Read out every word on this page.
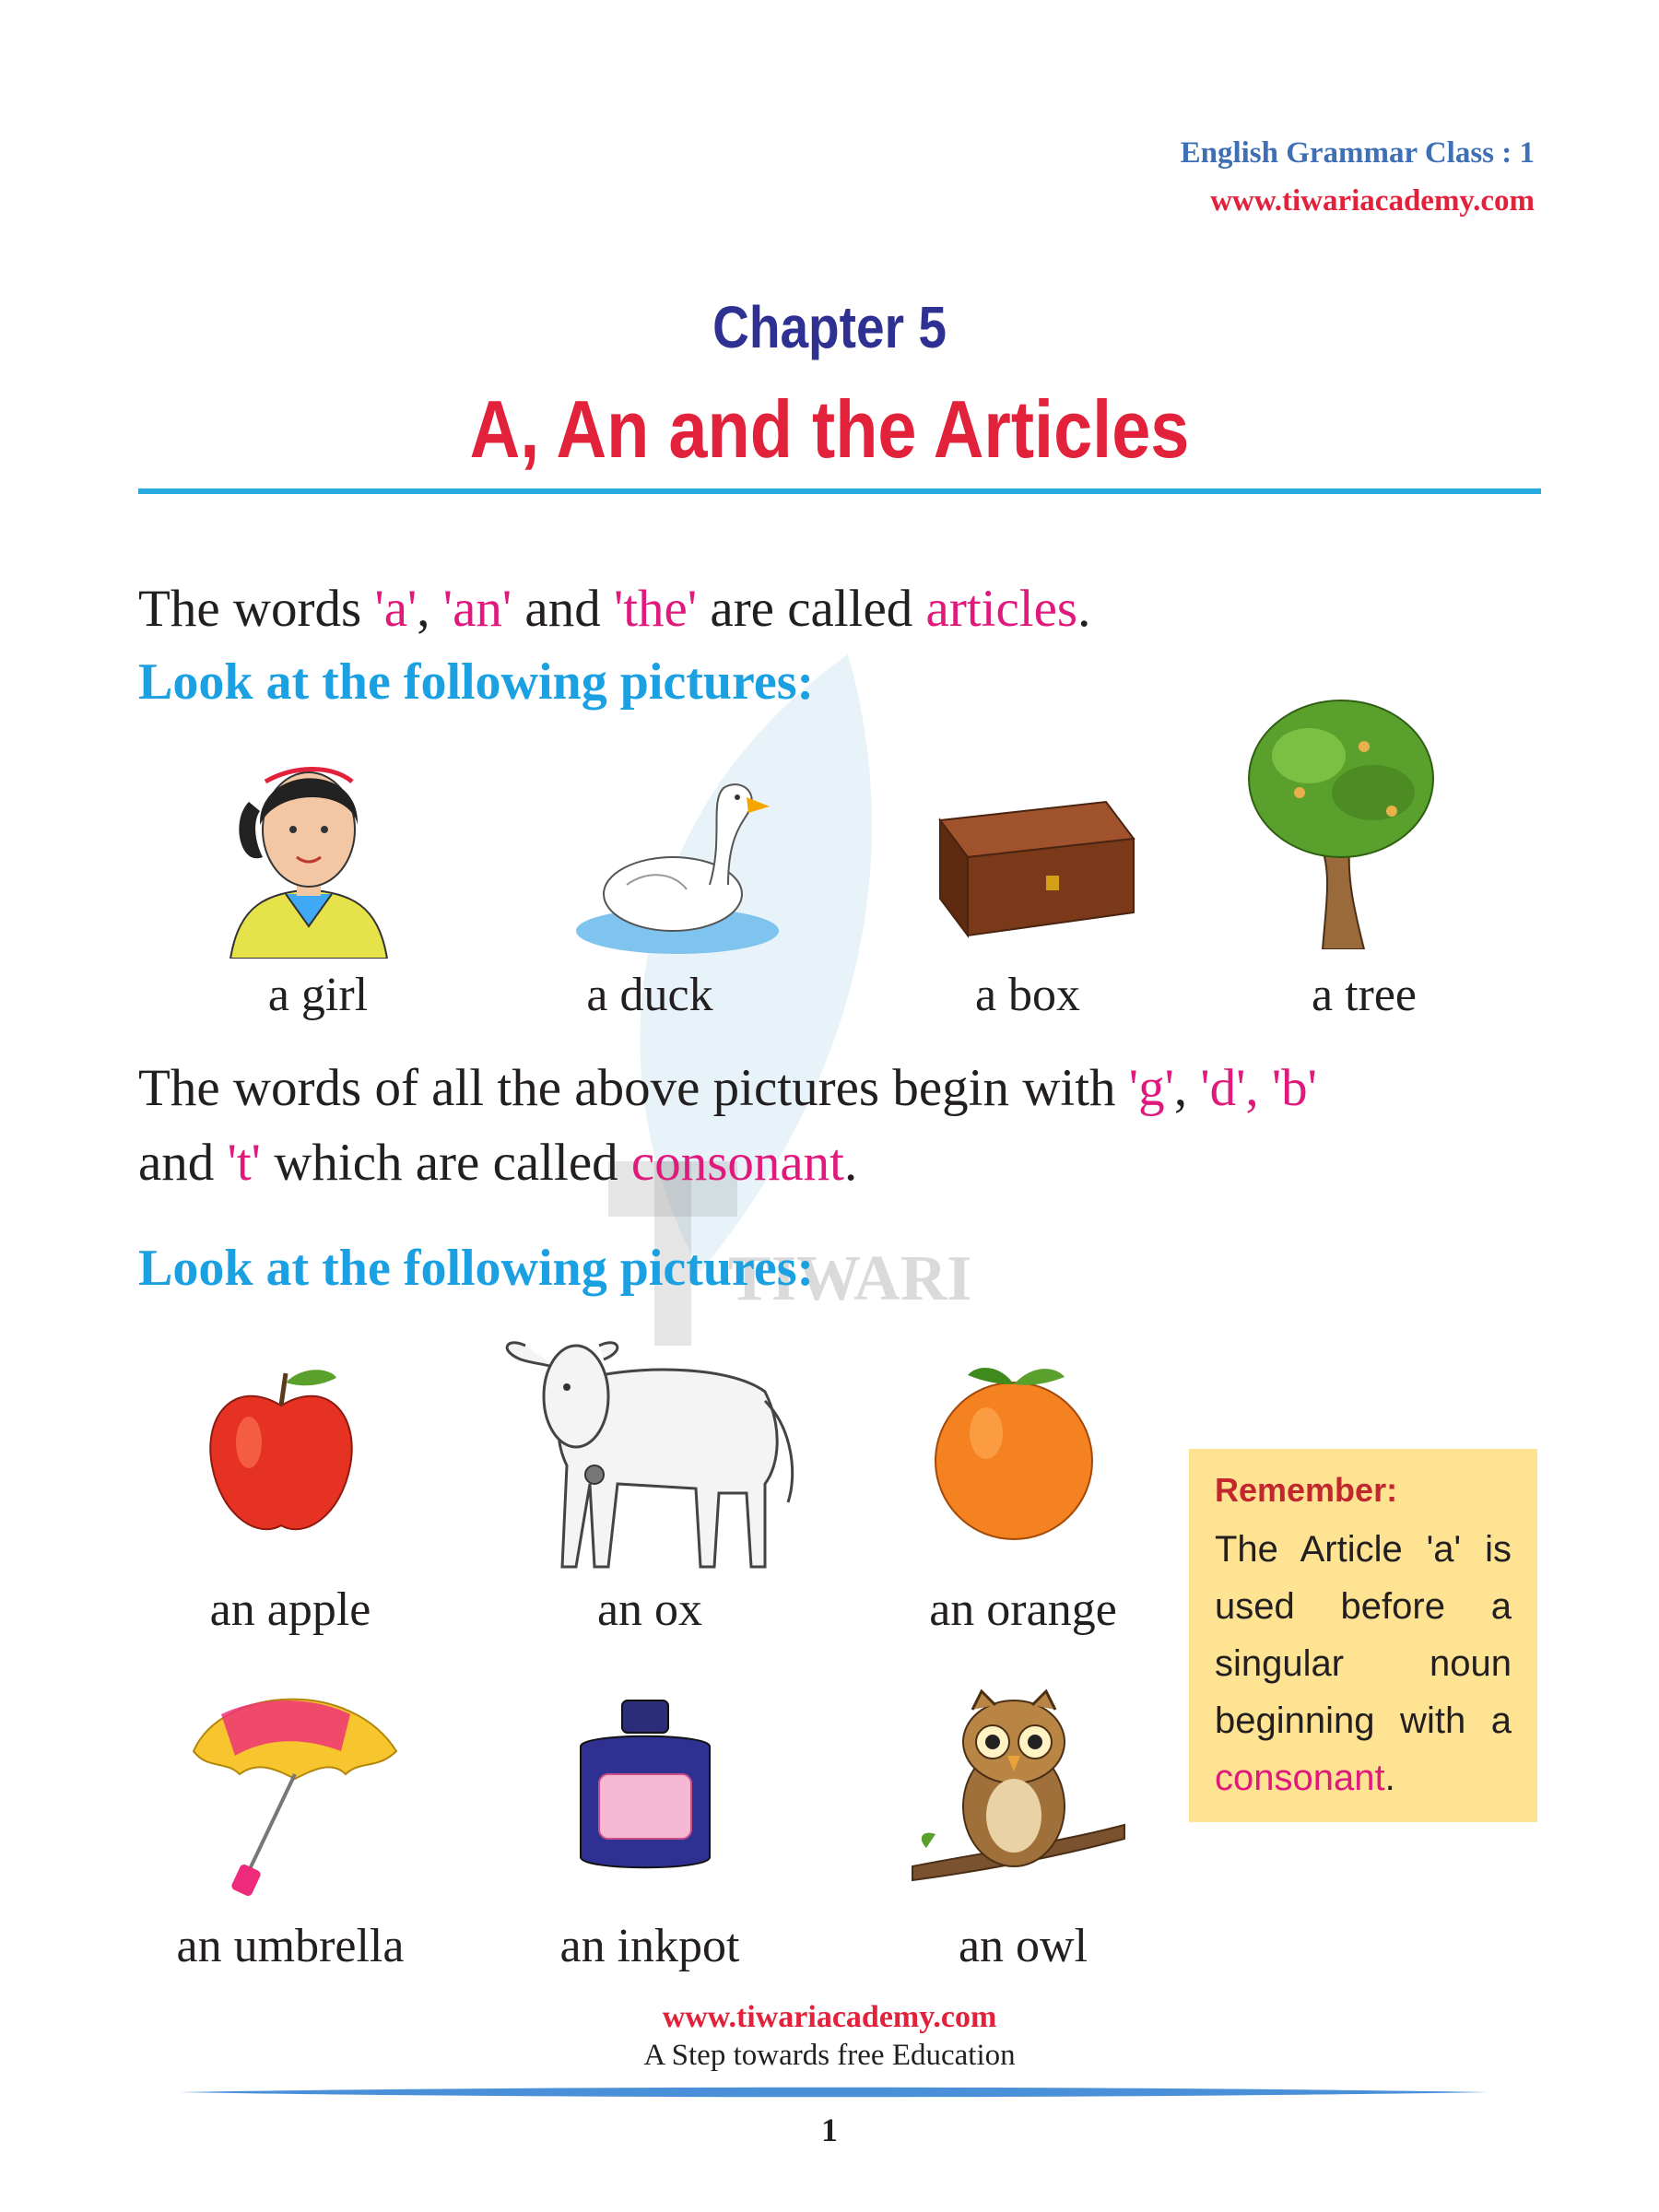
TIWARI
English Grammar Class : 1
www.tiwariacademy.com
Chapter 5
A, An and the Articles
The words 'a', 'an' and 'the' are called articles.
Look at the following pictures:
a girl	a duck	a box	a tree
The words of all the above pictures begin with 'g', 'd', 'b'
and 't' which are called consonant.
Look at the following pictures:
an apple	an ox	an orange
an umbrella	an inkpot	an owl
Remember:
The Article 'a' is used before a singular noun beginning with a consonant.
www.tiwariacademy.com
A Step towards free Education
1
